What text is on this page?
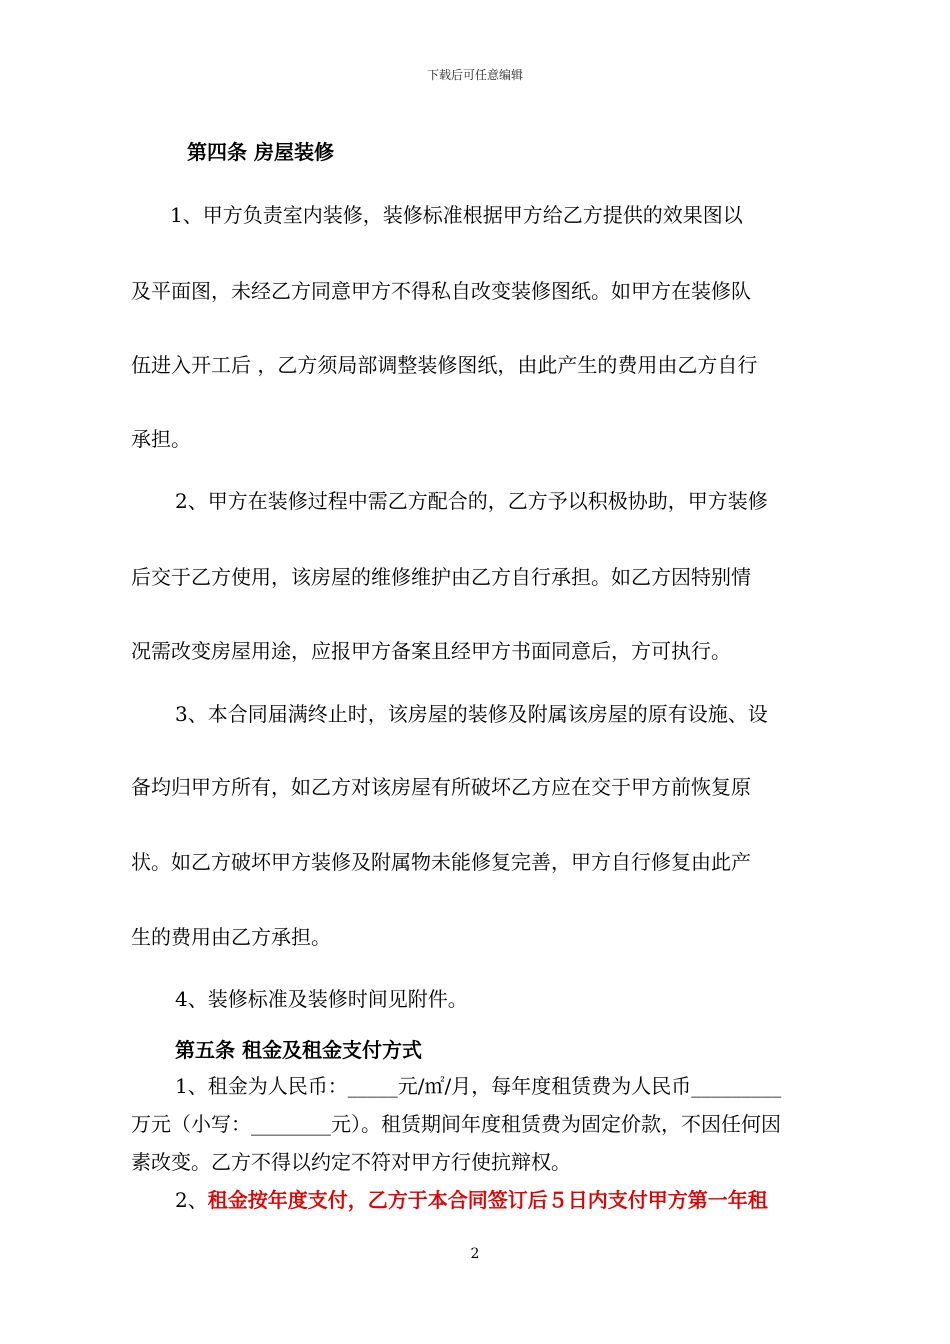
下载后可任意编辑
第四条 房屋装修
1、甲方负责室内装修，装修标准根据甲方给乙方提供的效果图以
及平面图，未经乙方同意甲方不得私自改变装修图纸。如甲方在装修队
伍进入开工后 ，乙方须局部调整装修图纸，由此产生的费用由乙方自行
承担。
2、甲方在装修过程中需乙方配合的，乙方予以积极协助，甲方装修
后交于乙方使用，该房屋的维修维护由乙方自行承担。如乙方因特别情
况需改变房屋用途，应报甲方备案且经甲方书面同意后，方可执行。
3、本合同届满终止时，该房屋的装修及附属该房屋的原有设施、设
备均归甲方所有，如乙方对该房屋有所破坏乙方应在交于甲方前恢复原
状。如乙方破坏甲方装修及附属物未能修复完善，甲方自行修复由此产
生的费用由乙方承担。
4、装修标准及装修时间见附件。
第五条 租金及租金支付方式
1、租金为人民币：_____元/㎡/月，每年度租赁费为人民币_________
万元（小写：________元）。租赁期间年度租赁费为固定价款，不因任何因
素改变。乙方不得以约定不符对甲方行使抗辩权。
2、租金按年度支付，乙方于本合同签订后５日内支付甲方第一年租
2
